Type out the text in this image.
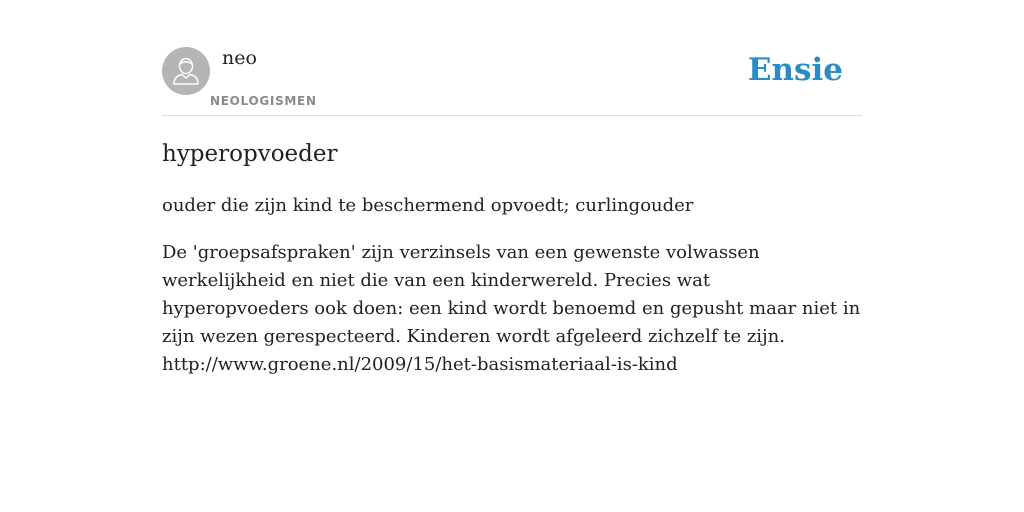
neo
NEOLOGISMEN
Ensie
hyperopvoeder

ouder die zijn kind te beschermend opvoedt; curlingouder

De 'groepsafspraken' zijn verzinsels van een gewenste volwassen werkelijkheid en niet die van een kinderwereld. Precies wat hyperopvoeders ook doen: een kind wordt benoemd en gepusht maar niet in zijn wezen gerespecteerd. Kinderen wordt afgeleerd zichzelf te zijn. http://www.groene.nl/2009/15/het-basismateriaal-is-kind
